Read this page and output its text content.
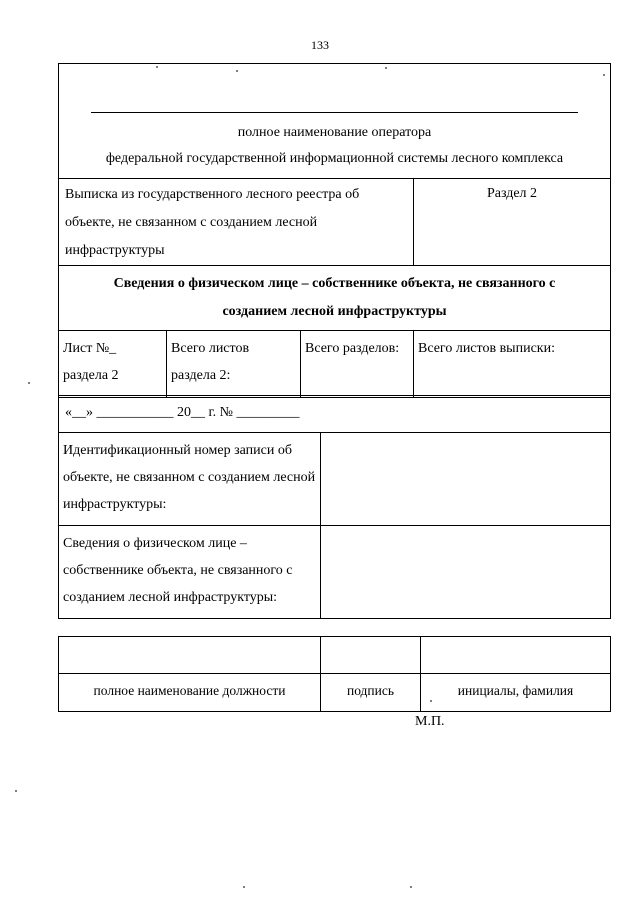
133
полное наименование оператора
федеральной государственной информационной системы лесного комплекса			

Выписка из государственного лесного реестра об объекте, не связанном с созданием лесной инфраструктуры			Раздел 2
Сведения о физическом лице – собственнике объекта, не связанного с созданием лесной инфраструктуры			
Лист №_ раздела 2	Всего листов раздела 2:	Всего разделов:	Всего листов выписки:
«__» ___________ 20__ г. № _________	
Идентификационный номер записи об объекте, не связанном с созданием лесной инфраструктуры:	
Сведения о физическом лице – собственнике объекта, не связанного с созданием лесной инфраструктуры:	

полное наименование должности	подпись	инициалы, фамилия
М.П.
